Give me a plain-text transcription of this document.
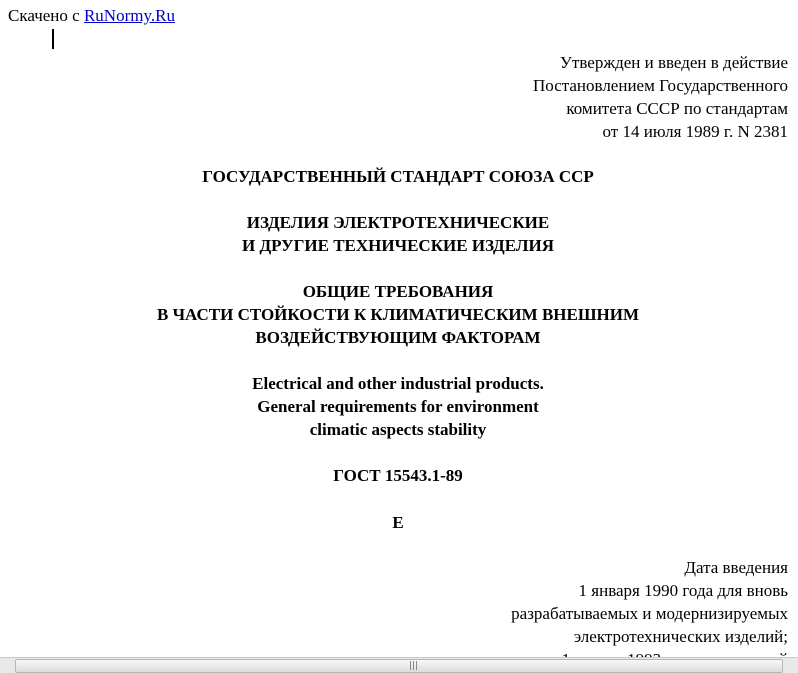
Скачено с RuNormy.Ru
Утвержден и введен в действие
Постановлением Государственного
комитета СССР по стандартам
от 14 июля 1989 г. N 2381
ГОСУДАРСТВЕННЫЙ СТАНДАРТ СОЮЗА ССР
ИЗДЕЛИЯ ЭЛЕКТРОТЕХНИЧЕСКИЕ
И ДРУГИЕ ТЕХНИЧЕСКИЕ ИЗДЕЛИЯ
ОБЩИЕ ТРЕБОВАНИЯ
В ЧАСТИ СТОЙКОСТИ К КЛИМАТИЧЕСКИМ ВНЕШНИМ
ВОЗДЕЙСТВУЮЩИМ ФАКТОРАМ
Electrical and other industrial products.
General requirements for environment
climatic aspects stability
ГОСТ 15543.1-89
Е
Дата введения
1 января 1990 года для вновь
разрабатываемых и модернизируемых
электротехнических изделий;
|||
